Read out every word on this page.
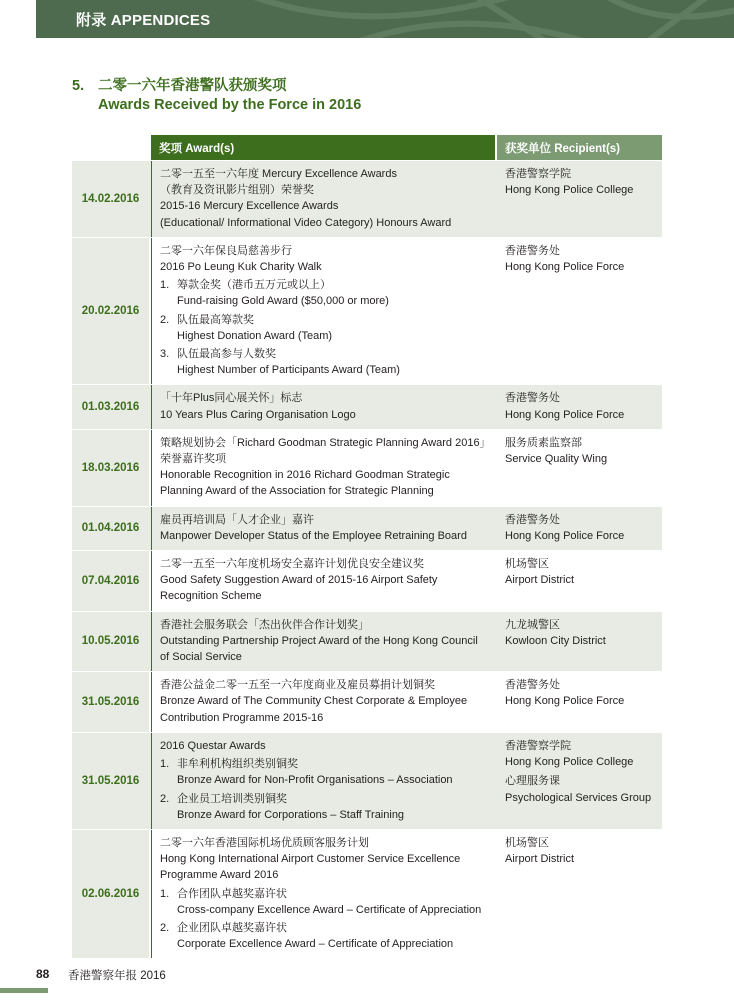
附录 APPENDICES
5. 二零一六年香港警队获颁奖项
Awards Received by the Force in 2016
奖项 Award(s)	获奖单位 Recipient(s)
14.02.2016
二零一五至一六年度 Mercury Excellence Awards
（教育及资讯影片组别）荣誉奖
2015-16 Mercury Excellence Awards
(Educational/ Informational Video Category) Honours Award
香港警察学院
Hong Kong Police College
20.02.2016
二零一六年保良局慈善步行
2016 Po Leung Kuk Charity Walk
1. 筹款金奖（港币五万元或以上）
Fund-raising Gold Award ($50,000 or more)
2. 队伍最高筹款奖
Highest Donation Award (Team)
3. 队伍最高参与人数奖
Highest Number of Participants Award (Team)
香港警务处
Hong Kong Police Force
01.03.2016
「十年Plus同心展关怀」标志
10 Years Plus Caring Organisation Logo
香港警务处
Hong Kong Police Force
18.03.2016
策略规划协会「Richard Goodman Strategic Planning Award 2016」
荣誉嘉许奖项
Honorable Recognition in 2016 Richard Goodman Strategic
Planning Award of the Association for Strategic Planning
服务质素监察部
Service Quality Wing
01.04.2016
雇员再培训局「人才企业」嘉许
Manpower Developer Status of the Employee Retraining Board
香港警务处
Hong Kong Police Force
07.04.2016
二零一五至一六年度机场安全嘉许计划优良安全建议奖
Good Safety Suggestion Award of 2015-16 Airport Safety
Recognition Scheme
机场警区
Airport District
10.05.2016
香港社会服务联会「杰出伙伴合作计划奖」
Outstanding Partnership Project Award of the Hong Kong Council
of Social Service
九龙城警区
Kowloon City District
31.05.2016
香港公益金二零一五至一六年度商业及雇员募捐计划铜奖
Bronze Award of The Community Chest Corporate & Employee
Contribution Programme 2015-16
香港警务处
Hong Kong Police Force
31.05.2016
2016 Questar Awards
1. 非牟利机构组织类别铜奖
Bronze Award for Non-Profit Organisations – Association
2. 企业员工培训类别铜奖
Bronze Award for Corporations – Staff Training
香港警察学院
Hong Kong Police College
心理服务课
Psychological Services Group
02.06.2016
二零一六年香港国际机场优质顾客服务计划
Hong Kong International Airport Customer Service Excellence
Programme Award 2016
1. 合作团队卓越奖嘉许状
Cross-company Excellence Award – Certificate of Appreciation
2. 企业团队卓越奖嘉许状
Corporate Excellence Award – Certificate of Appreciation
机场警区
Airport District
88 香港警察年报 2016
